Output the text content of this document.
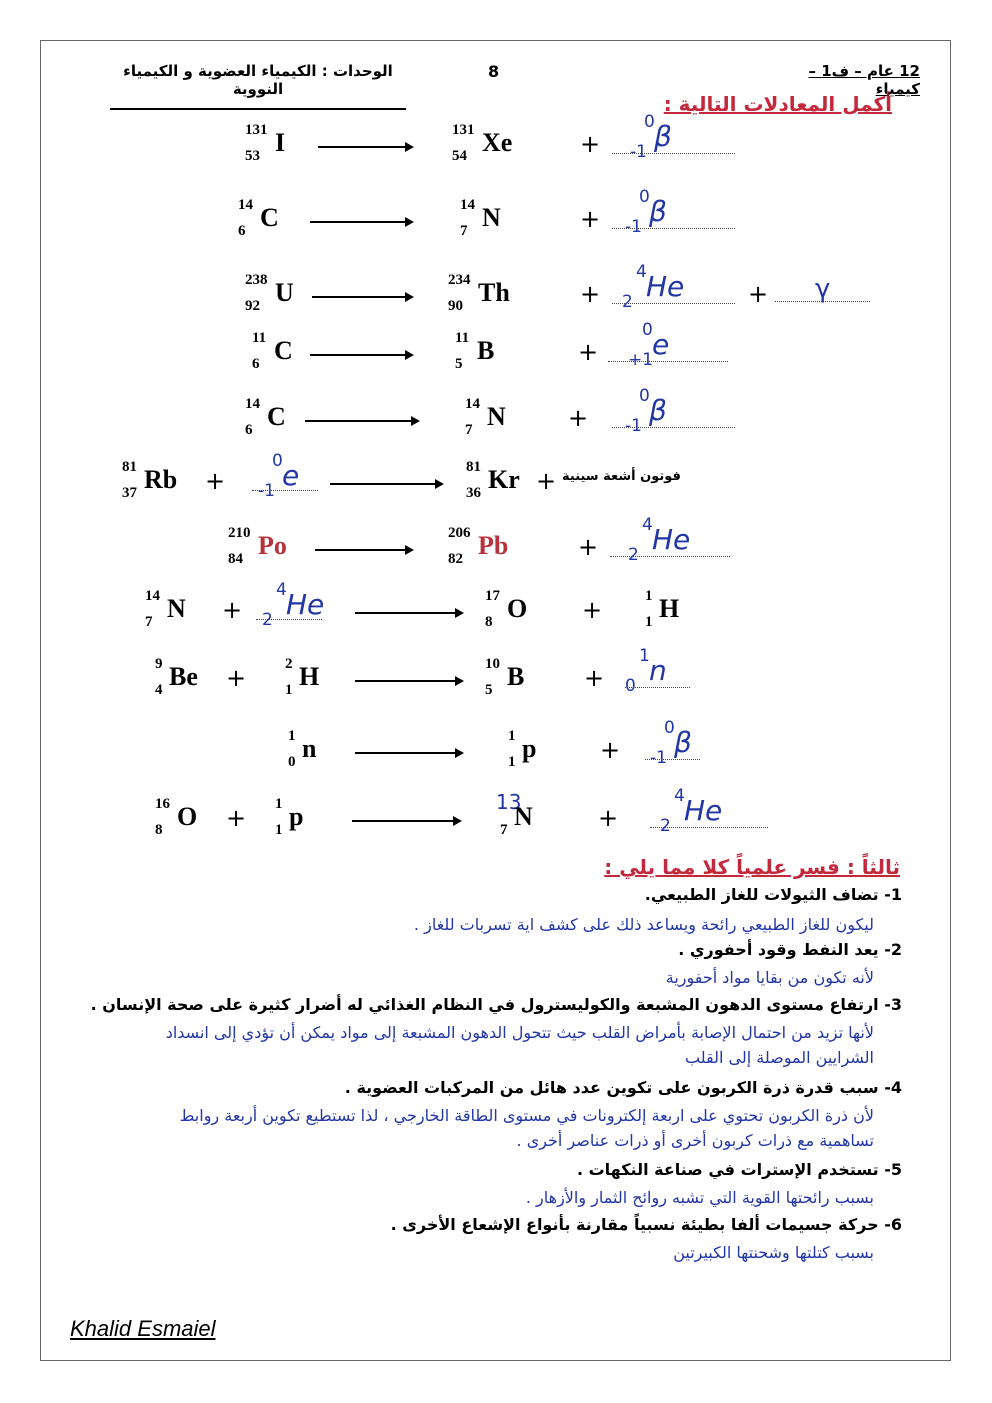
الوحدات : الكيمياء العضوية و الكيمياء النووية
8	12 عام – ف1 – كيمياء
أكمل المعادلات التالية :
131
53 I	131
54 Xe	+
0
-1 β
14
6 C	14
7 N	+
0
-1 β
238
92 U	234
90 Th	+
4
2 He	+ γ
11
6 C	11
5 B	+
0
+1
e
14
6 C	14
7 N	+
0
-1 β
81
37 Rb +
0
-1 e	81
36 Kr + فوتون أشعة سينية
210
84 Po	206
82 Pb	+
4
2 He
14
7 N +
4
2 He	17
8 O +	1
1 H
9
4 Be +	2
1 H	10
5 B +
1
0 n
1
0 n	1
1 p	+
0
-1 β
16
8 O + 1
1 p	13
7 N	+
4
2 He
ثالثاً : فسر علمياً كلا مما يلي :
1- تضاف الثيولات للغاز الطبيعي.
ليكون للغاز الطبيعي رائحة ويساعد ذلك على كشف اية تسربات للغاز .
2- يعد النفط وقود أحفوري .
لأنه تكون من بقايا مواد أحفورية
3- ارتفاع مستوى الدهون المشبعة والكوليسترول في النظام الغذائي له أضرار كثيرة على صحة الإنسان .
لأنها تزيد من احتمال الإصابة بأمراض القلب حيث تتحول الدهون المشبعة إلى مواد يمكن أن تؤدي إلى انسداد
الشرايين الموصلة إلى القلب
4- سبب قدرة ذرة الكربون على تكوين عدد هائل من المركبات العضوية .
لأن ذرة الكربون تحتوي على اربعة إلكترونات في مستوى الطاقة الخارجي ، لذا تستطيع تكوين أربعة روابط
تساهمية مع ذرات كربون أخرى أو ذرات عناصر أخرى .
5- تستخدم الإسترات في صناعة النكهات .
بسبب رائحتها القوية التي تشبه روائح الثمار والأزهار .
6- حركة جسيمات ألفا بطيئة نسبياً مقارنة بأنواع الإشعاع الأخرى .
بسبب كتلتها وشحنتها الكبيرتين
Khalid Esmaiel
